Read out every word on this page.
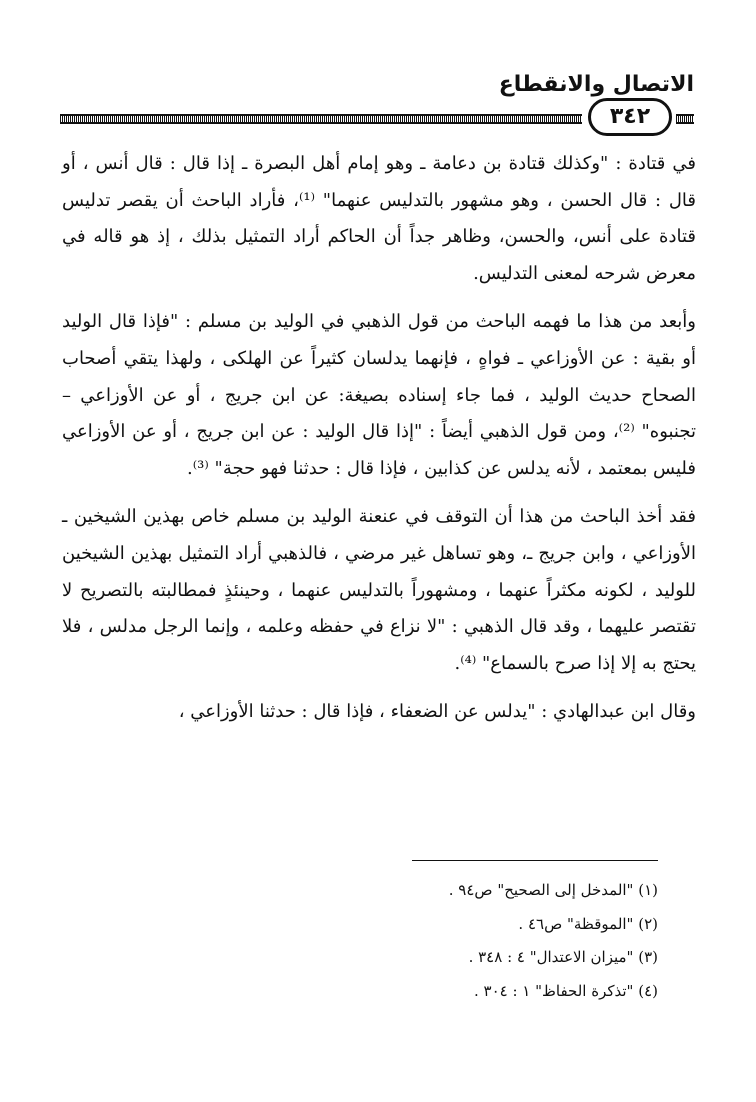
الاتصال والانقطاع
٣٤٢

في قتادة : "وكذلك قتادة بن دعامة ـ وهو إمام أهل البصرة ـ إذا قال : قال أنس ، أو قال : قال الحسن ، وهو مشهور بالتدليس عنهما" ⁽¹⁾، فأراد الباحث أن يقصر تدليس قتادة على أنس، والحسن، وظاهر جداً أن الحاكم أراد التمثيل بذلك ، إذ هو قاله في معرض شرحه لمعنى التدليس.

وأبعد من هذا ما فهمه الباحث من قول الذهبي في الوليد بن مسلم : "فإذا قال الوليد أو بقية : عن الأوزاعي ـ فواهٍ ، فإنهما يدلسان كثيراً عن الهلكى ، ولهذا يتقي أصحاب الصحاح حديث الوليد ، فما جاء إسناده بصيغة: عن ابن جريج ، أو عن الأوزاعي – تجنبوه" ⁽²⁾، ومن قول الذهبي أيضاً : "إذا قال الوليد : عن ابن جريج ، أو عن الأوزاعي فليس بمعتمد ، لأنه يدلس عن كذابين ، فإذا قال : حدثنا فهو حجة" ⁽³⁾.

فقد أخذ الباحث من هذا أن التوقف في عنعنة الوليد بن مسلم خاص بهذين الشيخين ـ الأوزاعي ، وابن جريج ـ، وهو تساهل غير مرضي ، فالذهبي أراد التمثيل بهذين الشيخين للوليد ، لكونه مكثراً عنهما ، ومشهوراً بالتدليس عنهما ، وحينئذٍ فمطالبته بالتصريح لا تقتصر عليهما ، وقد قال الذهبي : "لا نزاع في حفظه وعلمه ، وإنما الرجل مدلس ، فلا يحتج به إلا إذا صرح بالسماع" ⁽⁴⁾.

وقال ابن عبدالهادي : "يدلس عن الضعفاء ، فإذا قال : حدثنا الأوزاعي ،

(١) "المدخل إلى الصحيح" ص٩٤ .
(٢) "الموقظة" ص٤٦ .
(٣) "ميزان الاعتدال" ٤ : ٣٤٨ .
(٤) "تذكرة الحفاظ" ١ : ٣٠٤ .
